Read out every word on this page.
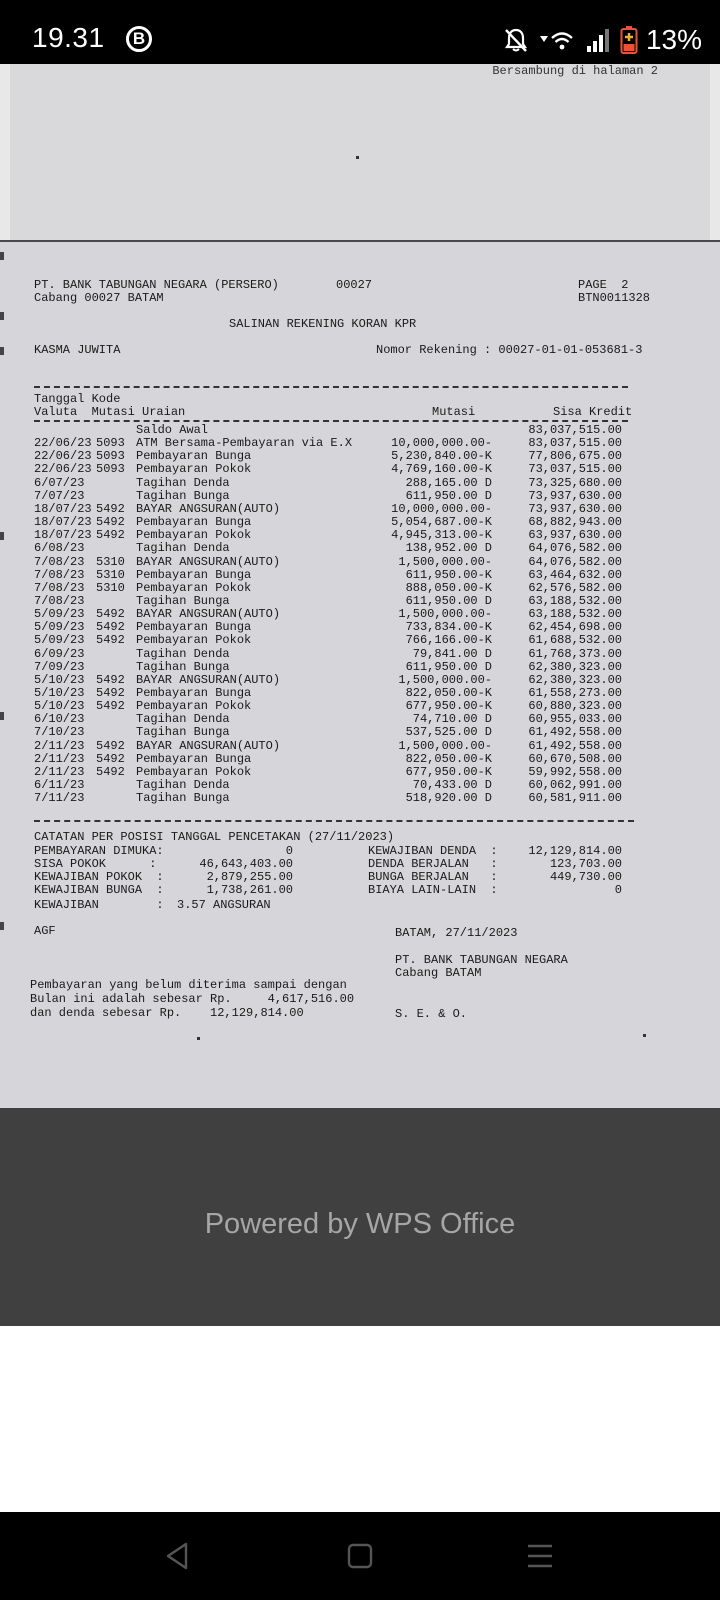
19.31	B	13%
Bersambung di halaman 2
PT. BANK TABUNGAN NEGARA (PERSERO)
Cabang 00027 BATAM
00027	PAGE  2
BTN0011328
SALINAN REKENING KORAN KPR
KASMA JUWITA	Nomor Rekening : 00027-01-01-053681-3
Tanggal Kode
Valuta  Mutasi Uraian	Mutasi	Sisa Kredit
Saldo Awal	83,037,515.00
22/06/23 5093 ATM Bersama-Pembayaran via E.X	10,000,000.00-	83,037,515.00
22/06/23 5093 Pembayaran Bunga	5,230,840.00-K	77,806,675.00
22/06/23 5093 Pembayaran Pokok	4,769,160.00-K	73,037,515.00
6/07/23	Tagihan Denda	288,165.00 D	73,325,680.00
7/07/23	Tagihan Bunga	611,950.00 D	73,937,630.00
18/07/23 5492 BAYAR ANGSURAN(AUTO)	10,000,000.00-	73,937,630.00
18/07/23 5492 Pembayaran Bunga	5,054,687.00-K	68,882,943.00
18/07/23 5492 Pembayaran Pokok	4,945,313.00-K	63,937,630.00
6/08/23	Tagihan Denda	138,952.00 D	64,076,582.00
7/08/23 5310 BAYAR ANGSURAN(AUTO)	1,500,000.00-	64,076,582.00
7/08/23 5310 Pembayaran Bunga	611,950.00-K	63,464,632.00
7/08/23 5310 Pembayaran Pokok	888,050.00-K	62,576,582.00
7/08/23	Tagihan Bunga	611,950.00 D	63,188,532.00
5/09/23 5492 BAYAR ANGSURAN(AUTO)	1,500,000.00-	63,188,532.00
5/09/23 5492 Pembayaran Bunga	733,834.00-K	62,454,698.00
5/09/23 5492 Pembayaran Pokok	766,166.00-K	61,688,532.00
6/09/23	Tagihan Denda	79,841.00 D	61,768,373.00
7/09/23	Tagihan Bunga	611,950.00 D	62,380,323.00
5/10/23 5492 BAYAR ANGSURAN(AUTO)	1,500,000.00-	62,380,323.00
5/10/23 5492 Pembayaran Bunga	822,050.00-K	61,558,273.00
5/10/23 5492 Pembayaran Pokok	677,950.00-K	60,880,323.00
6/10/23	Tagihan Denda	74,710.00 D	60,955,033.00
7/10/23	Tagihan Bunga	537,525.00 D	61,492,558.00
2/11/23 5492 BAYAR ANGSURAN(AUTO)	1,500,000.00-	61,492,558.00
2/11/23 5492 Pembayaran Bunga	822,050.00-K	60,670,508.00
2/11/23 5492 Pembayaran Pokok	677,950.00-K	59,992,558.00
6/11/23	Tagihan Denda	70,433.00 D	60,062,991.00
7/11/23	Tagihan Bunga	518,920.00 D	60,581,911.00
CATATAN PER POSISI TANGGAL PENCETAKAN (27/11/2023)
PEMBAYARAN DIMUKA:	0
SISA POKOK      :	46,643,403.00
KEWAJIBAN POKOK  :	2,879,255.00
KEWAJIBAN BUNGA  :	1,738,261.00
KEWAJIBAN        : 3.57 ANGSURAN
KEWAJIBAN DENDA  :	12,129,814.00
DENDA BERJALAN   :	123,703.00
BUNGA BERJALAN   :	449,730.00
BIAYA LAIN-LAIN  :	0
AGF	BATAM, 27/11/2023
PT. BANK TABUNGAN NEGARA
Cabang BATAM
Pembayaran yang belum diterima sampai dengan
Bulan ini adalah sebesar Rp.     4,617,516.00
dan denda sebesar Rp.    12,129,814.00	S. E. & O.
Powered by WPS Office
